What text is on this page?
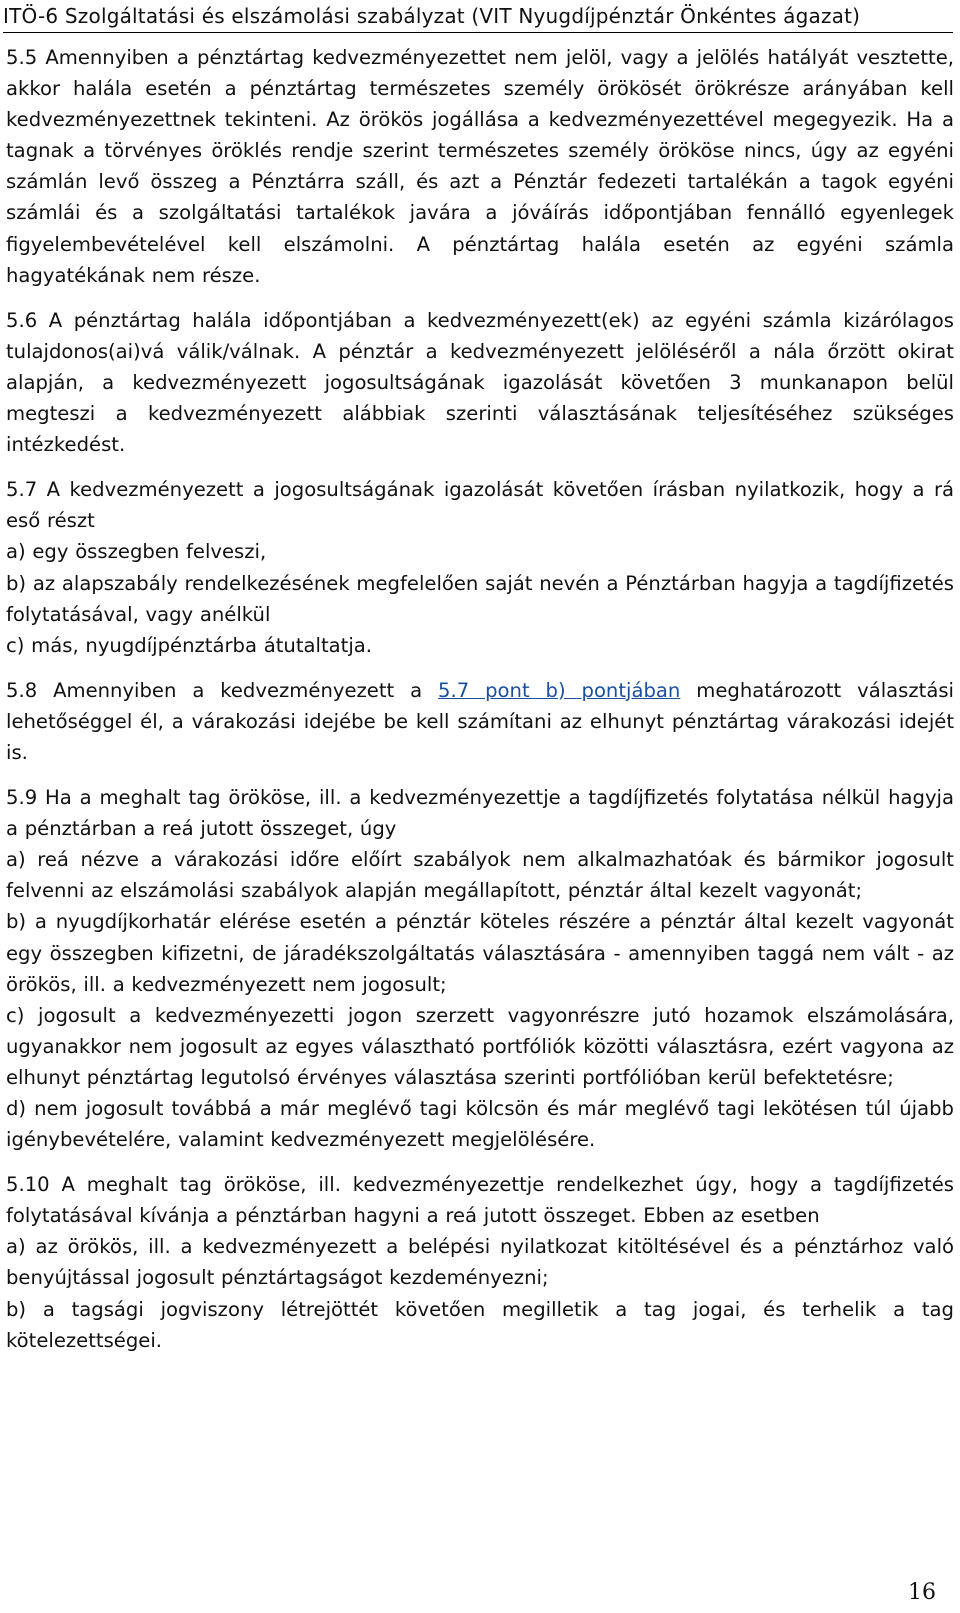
ITÖ-6 Szolgáltatási és elszámolási szabályzat (VIT Nyugdíjpénztár Önkéntes ágazat)

5.5 Amennyiben a pénztártag kedvezményezettet nem jelöl, vagy a jelölés hatályát vesztette, akkor halála esetén a pénztártag természetes személy örökösét örökrésze arányában kell kedvezményezettnek tekinteni. Az örökös jogállása a kedvezményezettével megegyezik. Ha a tagnak a törvényes öröklés rendje szerint természetes személy örököse nincs, úgy az egyéni számlán levő összeg a Pénztárra száll, és azt a Pénztár fedezeti tartalékán a tagok egyéni számlái és a szolgáltatási tartalékok javára a jóváírás időpontjában fennálló egyenlegek figyelembevételével kell elszámolni. A pénztártag halála esetén az egyéni számla hagyatékának nem része.

5.6 A pénztártag halála időpontjában a kedvezményezett(ek) az egyéni számla kizárólagos tulajdonos(ai)vá válik/válnak. A pénztár a kedvezményezett jelöléséről a nála őrzött okirat alapján, a kedvezményezett jogosultságának igazolását követően 3 munkanapon belül megteszi a kedvezményezett alábbiak szerinti választásának teljesítéséhez szükséges intézkedést.

5.7 A kedvezményezett a jogosultságának igazolását követően írásban nyilatkozik, hogy a rá eső részt

a) egy összegben felveszi,

b) az alapszabály rendelkezésének megfelelően saját nevén a Pénztárban hagyja a tagdíjfizetés folytatásával, vagy anélkül

c) más, nyugdíjpénztárba átutaltatja.

5.8 Amennyiben a kedvezményezett a 5.7 pont b) pontjában meghatározott választási lehetőséggel él, a várakozási idejébe be kell számítani az elhunyt pénztártag várakozási idejét is.

5.9 Ha a meghalt tag örököse, ill. a kedvezményezettje a tagdíjfizetés folytatása nélkül hagyja a pénztárban a reá jutott összeget, úgy

a) reá nézve a várakozási időre előírt szabályok nem alkalmazhatóak és bármikor jogosult felvenni az elszámolási szabályok alapján megállapított, pénztár által kezelt vagyonát;

b) a nyugdíjkorhatár elérése esetén a pénztár köteles részére a pénztár által kezelt vagyonát egy összegben kifizetni, de járadékszolgáltatás választására - amennyiben taggá nem vált - az örökös, ill. a kedvezményezett nem jogosult;

c) jogosult a kedvezményezetti jogon szerzett vagyonrészre jutó hozamok elszámolására, ugyanakkor nem jogosult az egyes választható portfóliók közötti választásra, ezért vagyona az elhunyt pénztártag legutolsó érvényes választása szerinti portfólióban kerül befektetésre;

d) nem jogosult továbbá a már meglévő tagi kölcsön és már meglévő tagi lekötésen túl újabb igénybevételére, valamint kedvezményezett megjelölésére.

5.10 A meghalt tag örököse, ill. kedvezményezettje rendelkezhet úgy, hogy a tagdíjfizetés folytatásával kívánja a pénztárban hagyni a reá jutott összeget. Ebben az esetben

a) az örökös, ill. a kedvezményezett a belépési nyilatkozat kitöltésével és a pénztárhoz való benyújtással jogosult pénztártagságot kezdeményezni;

b) a tagsági jogviszony létrejöttét követően megilletik a tag jogai, és terhelik a tag kötelezettségei.

16
